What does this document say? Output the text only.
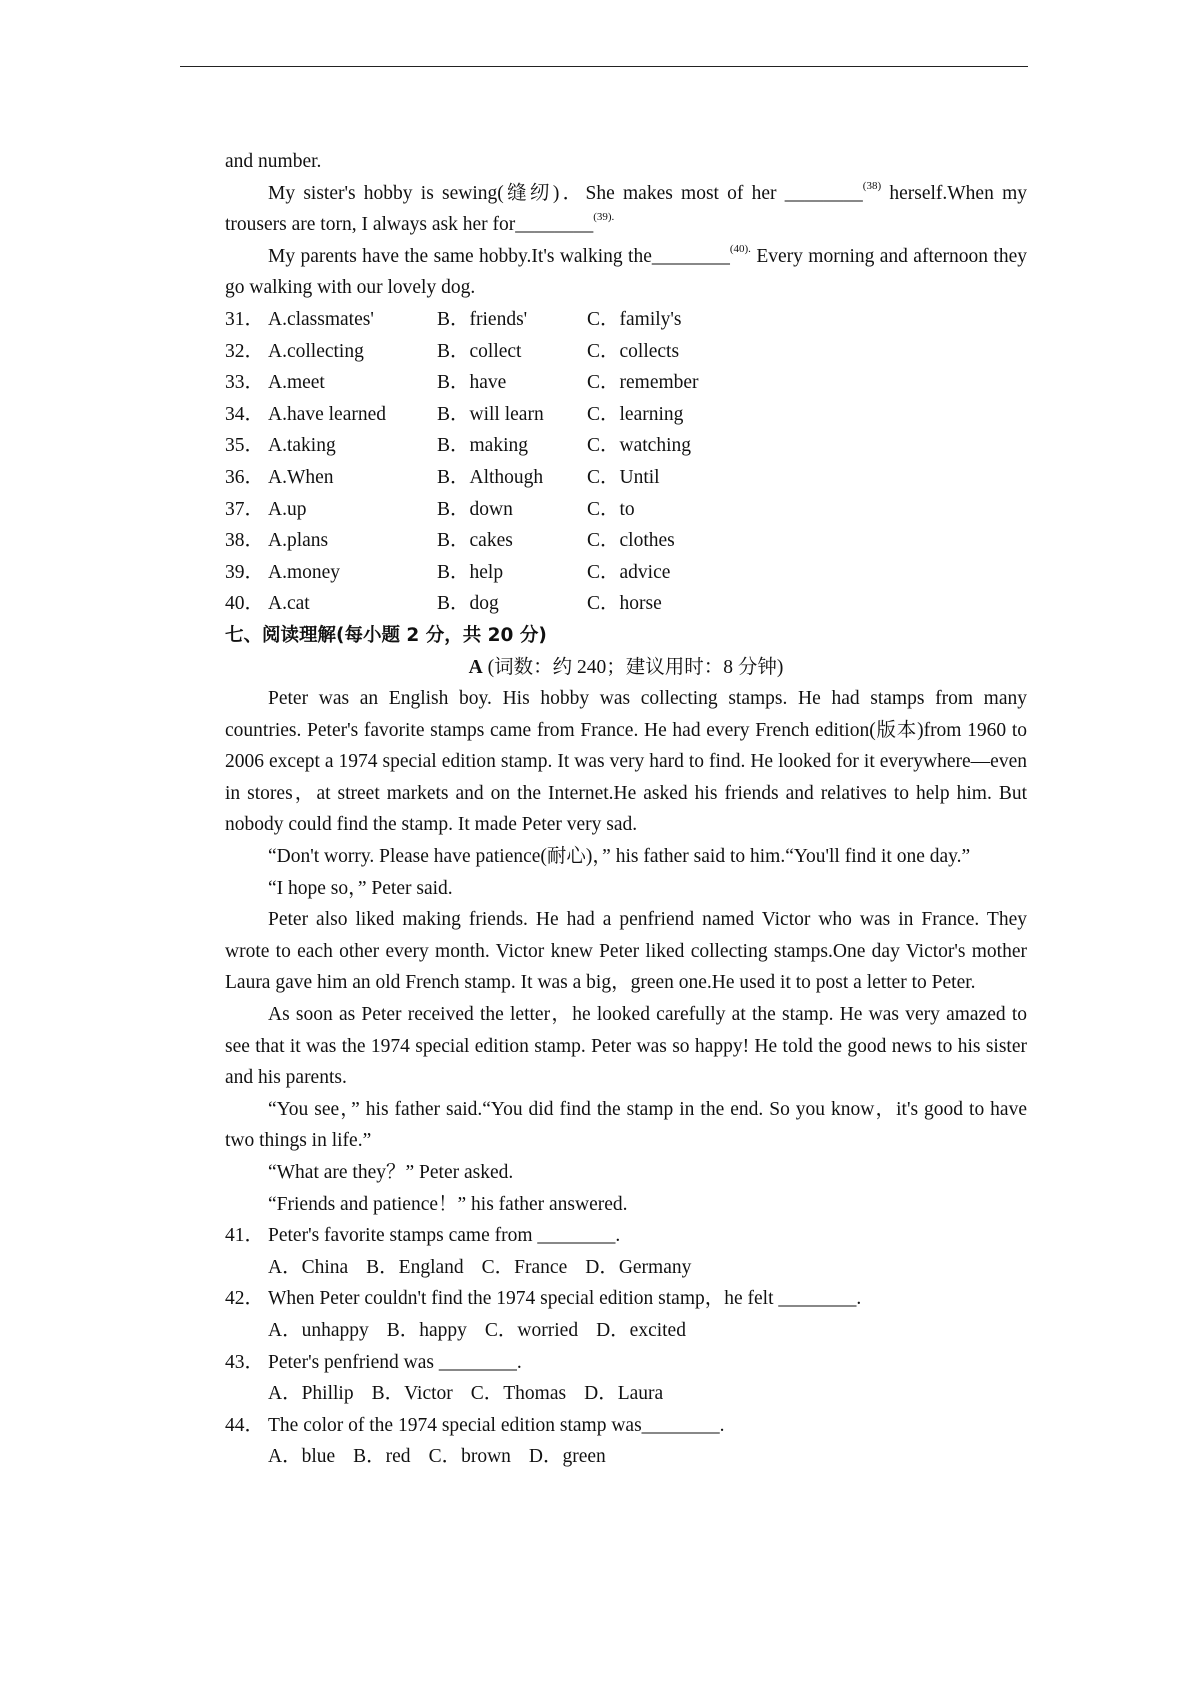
and number.

My sister's hobby is sewing(缝纫)．She makes most of her ________$^{(38)}$ herself.When my trousers are torn, I always ask her for________$^{(39).}$

My parents have the same hobby.It's walking the________$^{(40).}$ Every morning and afternoon they go walking with our lovely dog.

31． A.classmates'	B．friends'	C．family's
32． A.collecting	B．collect	C．collects
33． A.meet	B．have	C．remember
34． A.have learned	B．will learn	C．learning
35． A.taking	B．making	C．watching
36． A.When	B．Although	C．Until
37． A.up	B．down	C．to
38． A.plans	B．cakes	C．clothes
39． A.money	B．help	C．advice
40． A.cat	B．dog	C．horse

七、阅读理解(每小题 2 分，共 20 分)

A (词数：约 240；建议用时：8 分钟)

Peter was an English boy. His hobby was collecting stamps. He had stamps from many countries. Peter's favorite stamps came from France. He had every French edition(版本)from 1960 to 2006 except a 1974 special edition stamp. It was very hard to find. He looked for it everywhere—even in stores，at street markets and on the Internet.He asked his friends and relatives to help him. But nobody could find the stamp. It made Peter very sad.

“Don't worry. Please have patience(耐心)，” his father said to him.“You'll find it one day.”

“I hope so，” Peter said.

Peter also liked making friends. He had a penfriend named Victor who was in France. They wrote to each other every month. Victor knew Peter liked collecting stamps.One day Victor's mother Laura gave him an old French stamp. It was a big，green one.He used it to post a letter to Peter.

As soon as Peter received the letter，he looked carefully at the stamp. He was very amazed to see that it was the 1974 special edition stamp. Peter was so happy! He told the good news to his sister and his parents.

“You see，” his father said.“You did find the stamp in the end. So you know，it's good to have two things in life.”

“What are they？” Peter asked.

“Friends and patience！” his father answered.

41． Peter's favorite stamps came from ________.
A．China B．England C．France D．Germany
42． When Peter couldn't find the 1974 special edition stamp，he felt ________.
A．unhappy B．happy C．worried D．excited
43． Peter's penfriend was ________.
A．Phillip B．Victor C．Thomas D．Laura
44． The color of the 1974 special edition stamp was________.
A．blue B．red C．brown D．green
